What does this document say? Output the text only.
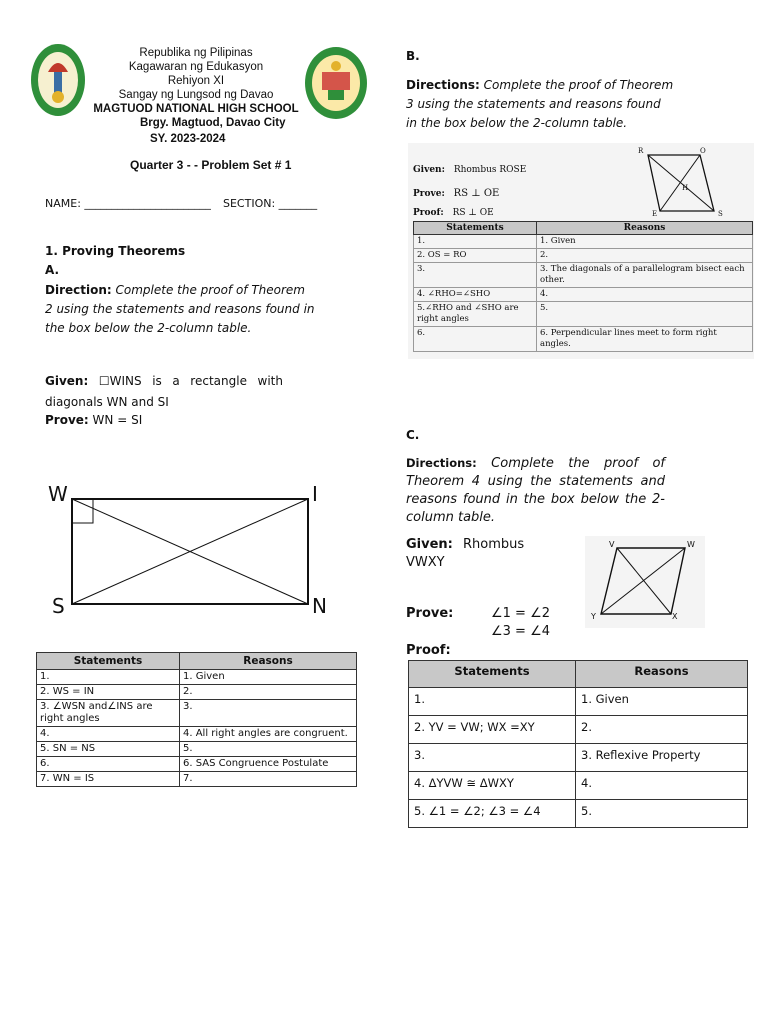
Republika ng Pilipinas
Kagawaran ng Edukasyon
Rehiyon XI
Sangay ng Lungsod ng Davao
MAGTUOD NATIONAL HIGH SCHOOL
Brgy. Magtuod, Davao City
SY. 2023-2024
Quarter 3 - - Problem Set # 1
NAME: _______________________ SECTION: _______
1. Proving Theorems
A.
Direction: Complete the proof of Theorem 2 using the statements and reasons found in the box below the 2-column table.
Given: ☐WINS is a rectangle with diagonals WN and SI
Prove: WN = SI
W	I
S	N
Statements	Reasons
1.	1. Given
2. WS = IN	2.
3. ∠WSN and∠INS are right angles	3.
4.	4. All right angles are congruent.
5. SN = NS	5.
6.	6. SAS Congruence Postulate
7. WN = IS	7.
B.
Directions: Complete the proof of Theorem 3 using the statements and reasons found in the box below the 2-column table.
Given: Rhombus ROSE
Prove: RS ⊥ OE
Proof: RS ⊥ OE
R	O
H
E	S
Statements	Reasons
1.	1. Given
2. OS = RO	2.
3.	3. The diagonals of a parallelogram bisect each other.
4. ∠RHO=∠SHO	4.
5.∠RHO and ∠SHO are right angles	5.
6.	6. Perpendicular lines meet to form right angles.
C.
Directions: Complete the proof of Theorem 4 using the statements and reasons found in the box below the 2-column table.
Given: Rhombus VWXY
V	W
Y	X
Prove:	∠1 = ∠2
∠3 = ∠4
Proof:
Statements	Reasons
1.	1. Given
2. YV = VW; WX =XY	2.
3.	3. Reflexive Property
4. ΔYVW ≅ ΔWXY	4.
5. ∠1 = ∠2; ∠3 = ∠4	5.
